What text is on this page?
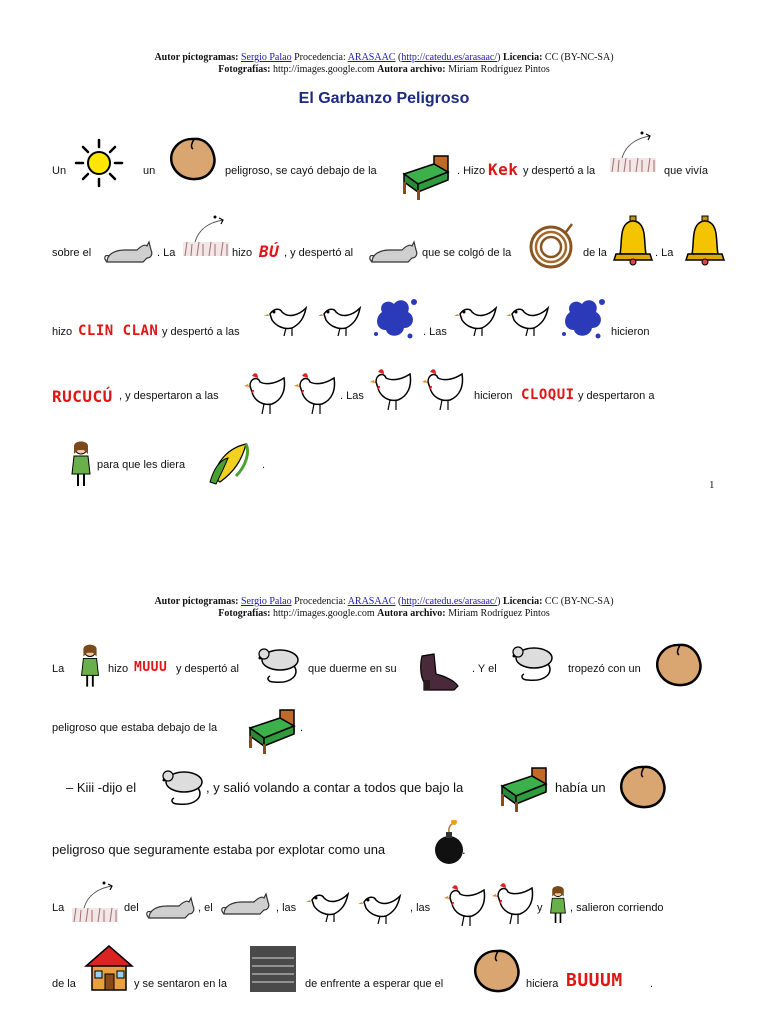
Autor pictogramas: Sergio Palao Procedencia: ARASAAC (http://catedu.es/arasaac/) Licencia: CC (BY-NC-SA)
Fotografías: http://images.google.com Autora archivo: Miriam Rodríguez Pintos
El Garbanzo Peligroso
Un	un	peligroso, se cayó debajo de la	. Hizo Kek y despertó a la	que vivía
sobre el	. La	hizo BÚ , y despertó al	que se colgó de la	de la	. La
hizo CLIN CLAN y despertó a las	. Las	hicieron
RUCUCÚ , y despertaron a las	. Las	hicieron CLOQUI y despertaron a
para que les diera	.
1
Autor pictogramas: Sergio Palao Procedencia: ARASAAC (http://catedu.es/arasaac/) Licencia: CC (BY-NC-SA)
Fotografías: http://images.google.com Autora archivo: Miriam Rodríguez Pintos
La	hizo MUUU y despertó al	que duerme en su	. Y el	tropezó con un
peligroso que estaba debajo de la	.
– Kiii -dijo el	, y salió volando a contar a todos que bajo la	había un
peligroso que seguramente estaba por explotar como una	.
La	del	, el	, las	, las	y	, salieron corriendo
de la	y se sentaron en la	de enfrente a esperar que el	hiciera BUUUM .
